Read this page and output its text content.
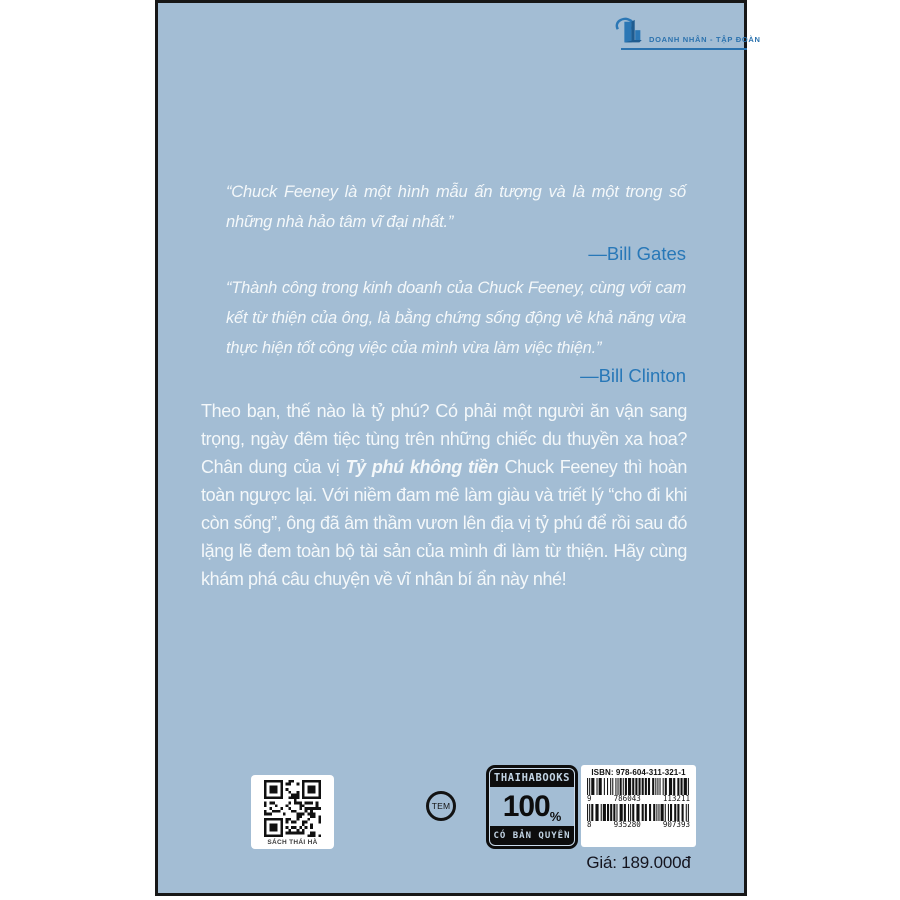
DOANH NHÂN - TẬP ĐOÀN
“Chuck Feeney là một hình mẫu ấn tượng và là một trong số những nhà hảo tâm vĩ đại nhất.”
—Bill Gates
“Thành công trong kinh doanh của Chuck Feeney, cùng với cam kết từ thiện của ông, là bằng chứng sống động về khả năng vừa thực hiện tốt công việc của mình vừa làm việc thiện.”
—Bill Clinton
Theo bạn, thế nào là tỷ phú? Có phải một người ăn vận sang trọng, ngày đêm tiệc tùng trên những chiếc du thuyền xa hoa? Chân dung của vị Tỷ phú không tiền Chuck Feeney thì hoàn toàn ngược lại. Với niềm đam mê làm giàu và triết lý “cho đi khi còn sống”, ông đã âm thầm vươn lên địa vị tỷ phú để rồi sau đó lặng lẽ đem toàn bộ tài sản của mình đi làm từ thiện. Hãy cùng khám phá câu chuyện về vĩ nhân bí ẩn này nhé!
SÁCH THÁI HÀ
TEM
THAIHABOOKS
100 %
CÓ BẢN QUYỀN
ISBN: 978-604-311-321-1
9	786043	113211
8	935280	907393
Giá: 189.000đ
